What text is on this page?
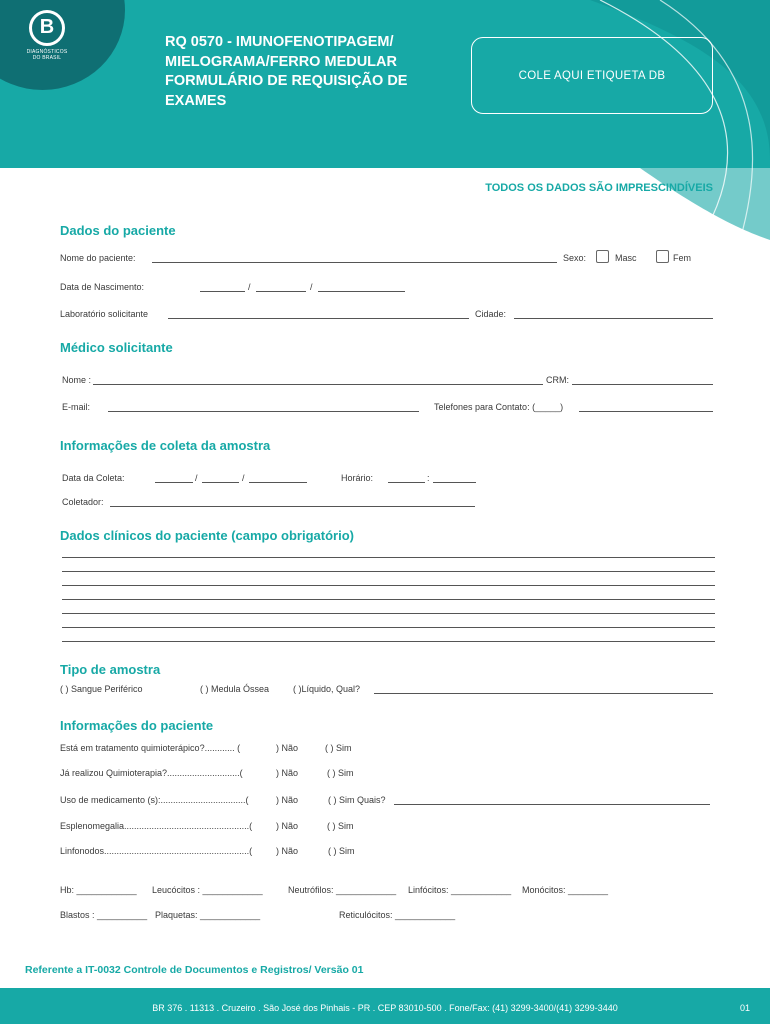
B
DIAGNÓSTICOS DO BRASIL
RQ 0570 - IMUNOFENOTIPAGEM/
MIELOGRAMA/FERRO MEDULAR
FORMULÁRIO DE REQUISIÇÃO DE
EXAMES
COLE AQUI ETIQUETA DB
TODOS OS DADOS SÃO IMPRESCINDÍVEIS
Dados do paciente
Nome do paciente:	Sexo:	Masc	Fem
Data de Nascimento:	/	/
Laboratório solicitante	Cidade:
Médico solicitante
Nome :	CRM:
E-mail:	Telefones para Contato: (_____)
Informações de coleta da amostra
Data da Coleta:	/	/	Horário:	:
Coletador:
Dados clínicos do paciente (campo obrigatório)
Tipo de amostra
( ) Sangue Periférico	( ) Medula Óssea	( )Líquido, Qual?
Informações do paciente
Está em tratamento quimioterápico?............ (	) Não	( ) Sim
Já realizou Quimioterapia?.............................(	) Não	( ) Sim
Uso de medicamento (s):..................................(	) Não	( ) Sim Quais?
Esplenomegalia..................................................(	) Não	( ) Sim
Linfonodos..........................................................(	) Não	( ) Sim
Hb: ____________ Leucócitos : ____________	Neutrófilos: ____________ Linfócitos: ____________ Monócitos: ________
Blastos : __________ Plaquetas: ____________	Reticulócitos: ____________
Referente a IT-0032 Controle de Documentos e Registros/ Versão 01
BR 376 . 11313 . Cruzeiro . São José dos Pinhais - PR . CEP 83010-500 . Fone/Fax: (41) 3299-3400/(41) 3299-3440	01
